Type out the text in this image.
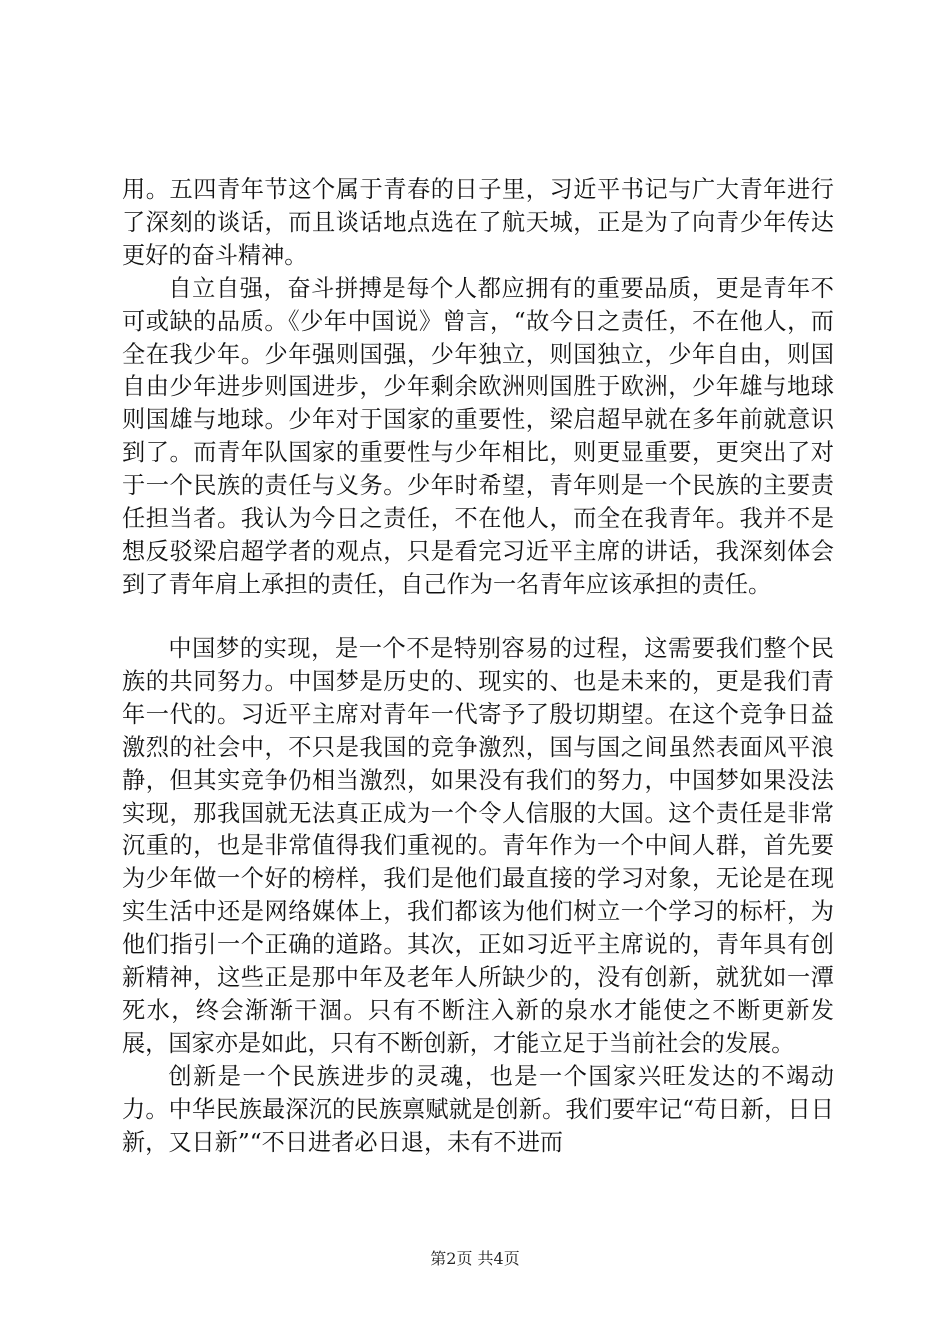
用。五四青年节这个属于青春的日子里，习近平书记与广大青年进行了深刻的谈话，而且谈话地点选在了航天城，正是为了向青少年传达更好的奋斗精神。

自立自强，奋斗拼搏是每个人都应拥有的重要品质，更是青年不可或缺的品质。《少年中国说》曾言，“故今日之责任，不在他人，而全在我少年。少年强则国强，少年独立，则国独立，少年自由，则国自由少年进步则国进步，少年剩余欧洲则国胜于欧洲，少年雄与地球则国雄与地球。少年对于国家的重要性，梁启超早就在多年前就意识到了。而青年队国家的重要性与少年相比，则更显重要，更突出了对于一个民族的责任与义务。少年时希望，青年则是一个民族的主要责任担当者。我认为今日之责任，不在他人，而全在我青年。我并不是想反驳梁启超学者的观点，只是看完习近平主席的讲话，我深刻体会到了青年肩上承担的责任，自己作为一名青年应该承担的责任。

中国梦的实现，是一个不是特别容易的过程，这需要我们整个民族的共同努力。中国梦是历史的、现实的、也是未来的，更是我们青年一代的。习近平主席对青年一代寄予了殷切期望。在这个竞争日益激烈的社会中，不只是我国的竞争激烈，国与国之间虽然表面风平浪静，但其实竞争仍相当激烈，如果没有我们的努力，中国梦如果没法实现，那我国就无法真正成为一个令人信服的大国。这个责任是非常沉重的，也是非常值得我们重视的。青年作为一个中间人群，首先要为少年做一个好的榜样，我们是他们最直接的学习对象，无论是在现实生活中还是网络媒体上，我们都该为他们树立一个学习的标杆，为他们指引一个正确的道路。其次，正如习近平主席说的，青年具有创新精神，这些正是那中年及老年人所缺少的，没有创新，就犹如一潭死水，终会渐渐干涸。只有不断注入新的泉水才能使之不断更新发展，国家亦是如此，只有不断创新，才能立足于当前社会的发展。

创新是一个民族进步的灵魂，也是一个国家兴旺发达的不竭动力。中华民族最深沉的民族禀赋就是创新。我们要牢记“苟日新，日日新，又日新”“不日进者必日退，未有不进而

第2页 共4页
